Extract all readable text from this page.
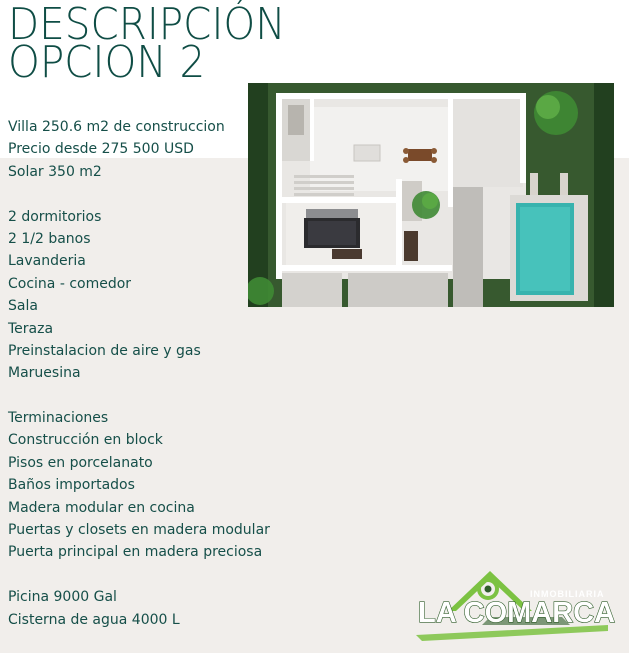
DESCRIPCIÓN
OPCION 2
Villa 250.6 m2 de construccion
Precio desde 275 500 USD
Solar 350 m2
2 dormitorios
2 1/2 banos
Lavanderia
Cocina - comedor
Sala
Teraza
Preinstalacion de aire y gas
Maruesina
Terminaciones
Construcción en block
Pisos en porcelanato
Baños importados
Madera modular en cocina
Puertas y closets en madera modular
Puerta principal en madera preciosa
Picina 9000 Gal
Cisterna de agua 4000 L
INMOBILIARIA
LA COMARCA
